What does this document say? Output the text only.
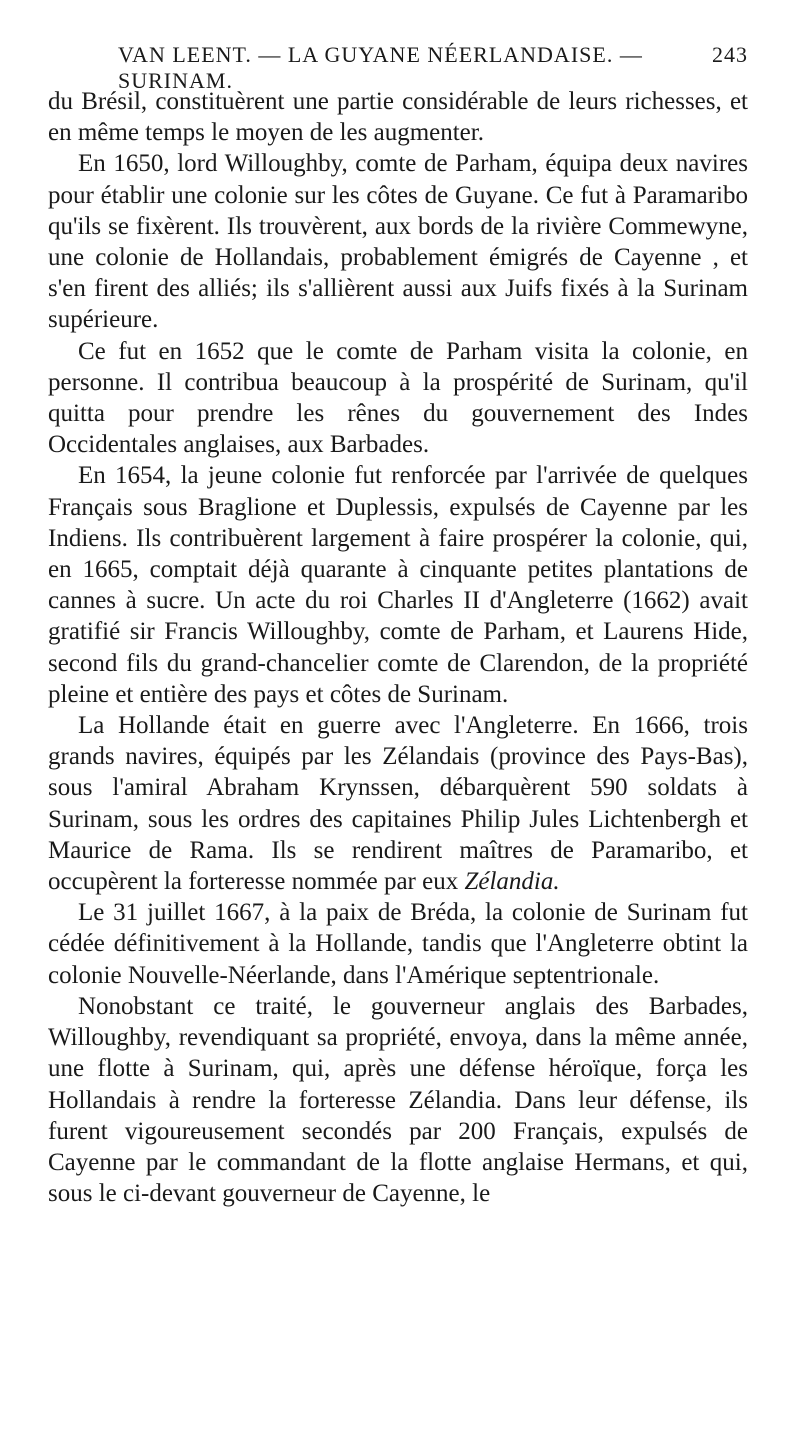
VAN LEENT. — LA GUYANE NÉERLANDAISE. — SURINAM.
243

du Brésil, constituèrent une partie considérable de leurs richesses, et en même temps le moyen de les augmenter.

En 1650, lord Willoughby, comte de Parham, équipa deux navires pour établir une colonie sur les côtes de Guyane. Ce fut à Paramaribo qu'ils se fixèrent. Ils trouvèrent, aux bords de la rivière Commewyne, une colonie de Hollandais, probablement émigrés de Cayenne , et s'en firent des alliés; ils s'allièrent aussi aux Juifs fixés à la Surinam supérieure.

Ce fut en 1652 que le comte de Parham visita la colonie, en personne. Il contribua beaucoup à la prospérité de Surinam, qu'il quitta pour prendre les rênes du gouvernement des Indes Occidentales anglaises, aux Barbades.

En 1654, la jeune colonie fut renforcée par l'arrivée de quelques Français sous Braglione et Duplessis, expulsés de Cayenne par les Indiens. Ils contribuèrent largement à faire prospérer la colonie, qui, en 1665, comptait déjà quarante à cinquante petites plantations de cannes à sucre. Un acte du roi Charles II d'Angleterre (1662) avait gratifié sir Francis Willoughby, comte de Parham, et Laurens Hide, second fils du grand-chancelier comte de Clarendon, de la propriété pleine et entière des pays et côtes de Surinam.

La Hollande était en guerre avec l'Angleterre. En 1666, trois grands navires, équipés par les Zélandais (province des Pays-Bas), sous l'amiral Abraham Krynssen, débarquèrent 590 soldats à Surinam, sous les ordres des capitaines Philip Jules Lichtenbergh et Maurice de Rama. Ils se rendirent maîtres de Paramaribo, et occupèrent la forteresse nommée par eux Zélandia.

Le 31 juillet 1667, à la paix de Bréda, la colonie de Surinam fut cédée définitivement à la Hollande, tandis que l'Angleterre obtint la colonie Nouvelle-Néerlande, dans l'Amérique septentrionale.

Nonobstant ce traité, le gouverneur anglais des Barbades, Willoughby, revendiquant sa propriété, envoya, dans la même année, une flotte à Surinam, qui, après une défense héroïque, força les Hollandais à rendre la forteresse Zélandia. Dans leur défense, ils furent vigoureusement secondés par 200 Français, expulsés de Cayenne par le commandant de la flotte anglaise Hermans, et qui, sous le ci-devant gouverneur de Cayenne, le
